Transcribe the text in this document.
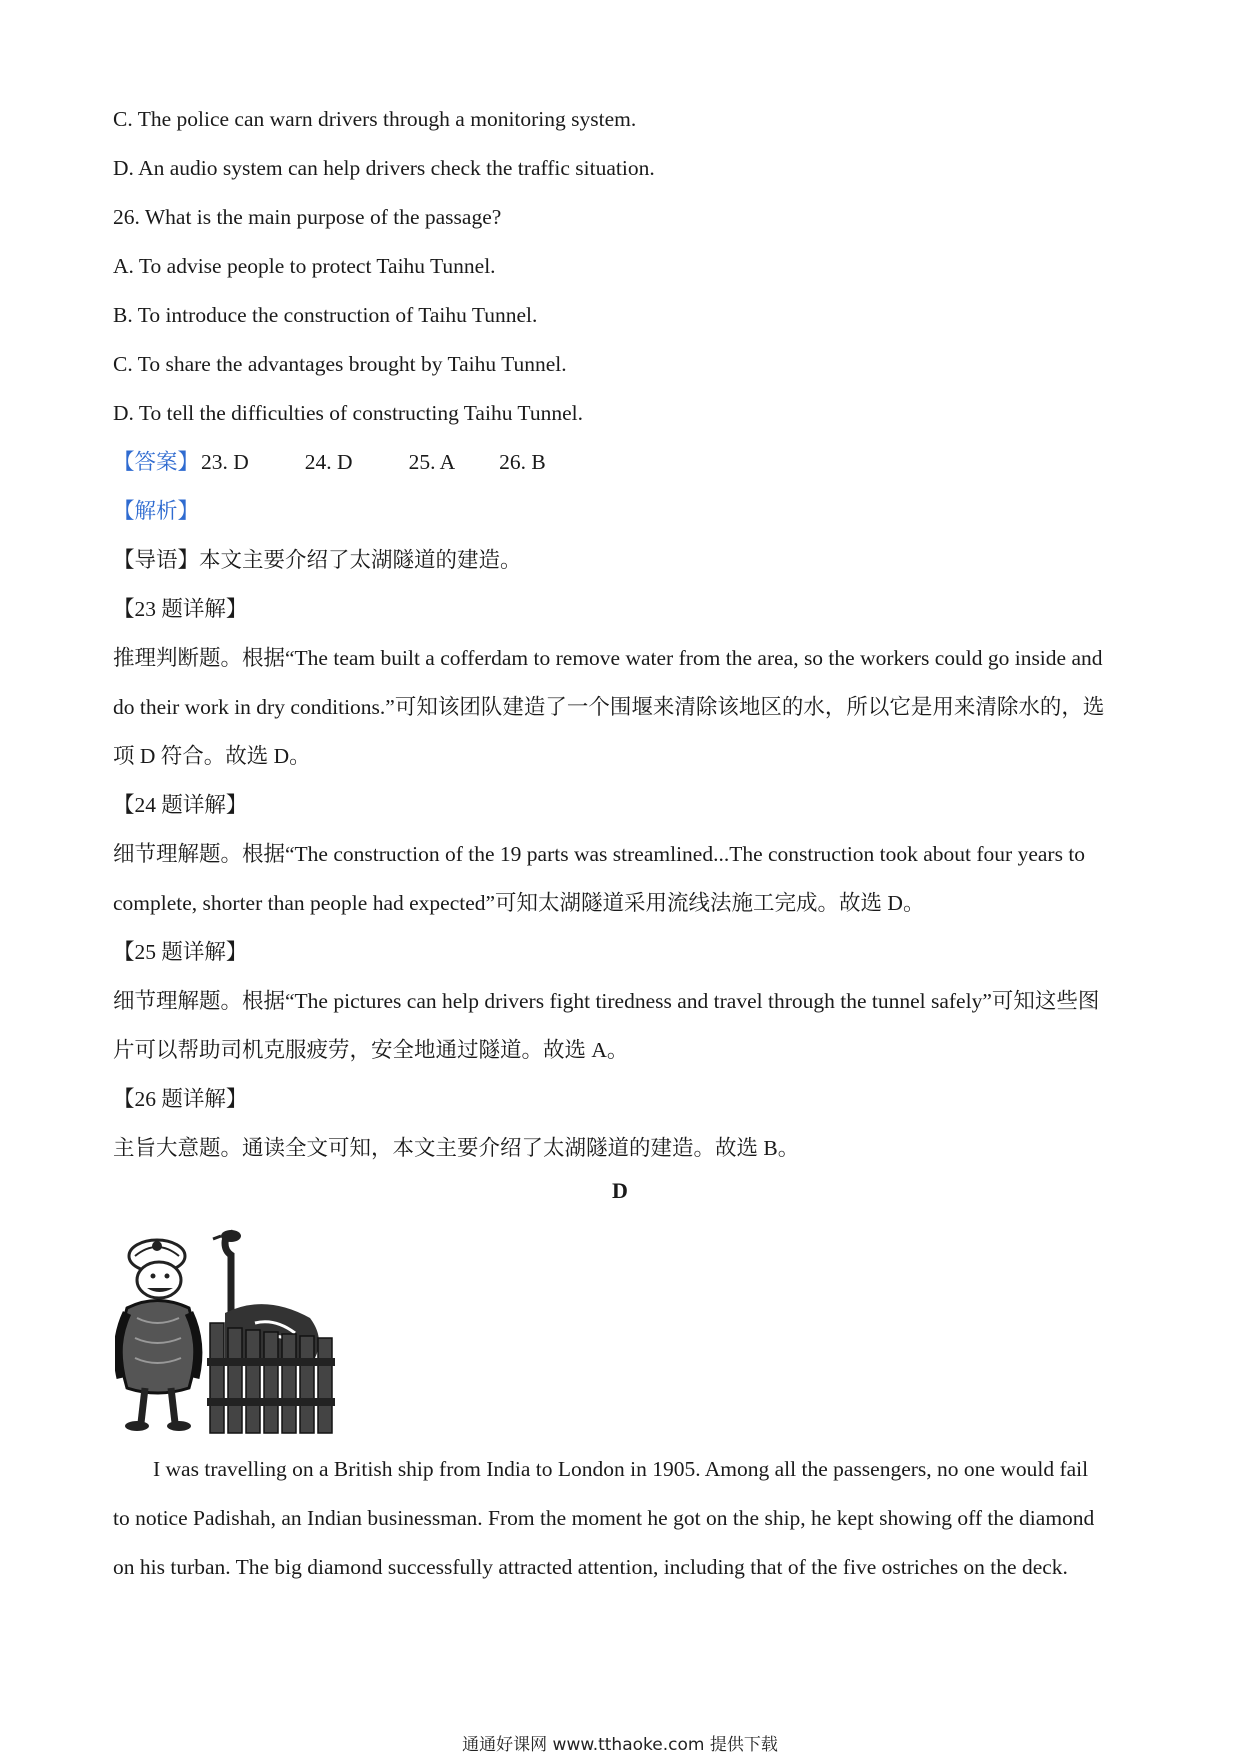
C. The police can warn drivers through a monitoring system.
D. An audio system can help drivers check the traffic situation.
26. What is the main purpose of the passage?
A. To advise people to protect Taihu Tunnel.
B. To introduce the construction of Taihu Tunnel.
C. To share the advantages brought by Taihu Tunnel.
D. To tell the difficulties of constructing Taihu Tunnel.
【答案】23. D	24. D	25. A 26. B
【解析】
【导语】本文主要介绍了太湖隧道的建造。
【23 题详解】
推理判断题。根据“The team built a cofferdam to remove water from the area, so the workers could go inside and
do their work in dry conditions.”可知该团队建造了一个围堰来清除该地区的水，所以它是用来清除水的，选
项 D 符合。故选 D。
【24 题详解】
细节理解题。根据“The construction of the 19 parts was streamlined...The construction took about four years to
complete, shorter than people had expected”可知太湖隧道采用流线法施工完成。故选 D。
【25 题详解】
细节理解题。根据“The pictures can help drivers fight tiredness and travel through the tunnel safely”可知这些图
片可以帮助司机克服疲劳，安全地通过隧道。故选 A。
【26 题详解】
主旨大意题。通读全文可知，本文主要介绍了太湖隧道的建造。故选 B。
D
I was travelling on a British ship from India to London in 1905. Among all the passengers, no one would fail
to notice Padishah, an Indian businessman. From the moment he got on the ship, he kept showing off the diamond
on his turban. The big diamond successfully attracted attention, including that of the five ostriches on the deck.
通通好课网 www.tthaoke.com 提供下载
